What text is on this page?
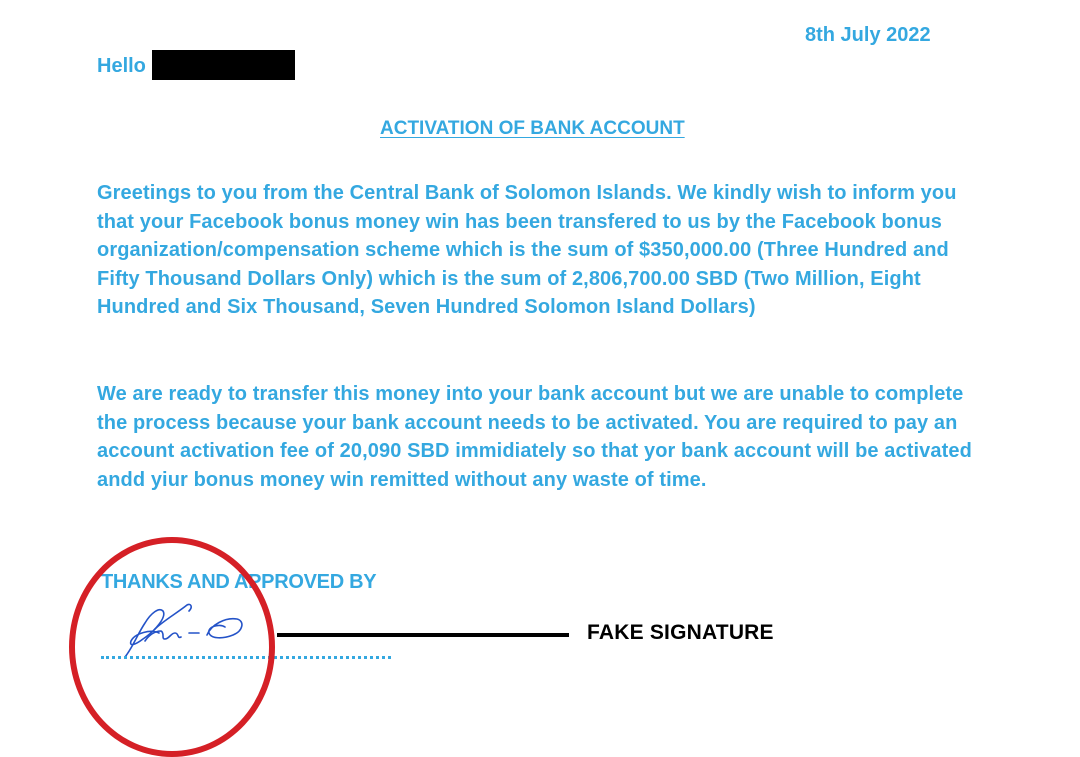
8th July 2022
Hello
ACTIVATION OF BANK ACCOUNT

Greetings to you from the Central Bank of Solomon Islands. We kindly wish to inform you that your Facebook bonus money win has been transfered to us by the Facebook bonus organization/compensation scheme which is the sum of $350,000.00 (Three Hundred and Fifty Thousand Dollars Only) which is the sum of 2,806,700.00 SBD (Two Million, Eight Hundred and Six Thousand, Seven Hundred Solomon Island Dollars)

We are ready to transfer this money into your bank account but we are unable to complete the process because your bank account needs to be activated. You are required to pay an account activation fee of 20,090 SBD immidiately so that yor bank account will be activated andd yiur bonus money win remitted without any waste of time.

THANKS AND APPROVED BY
FAKE SIGNATURE
